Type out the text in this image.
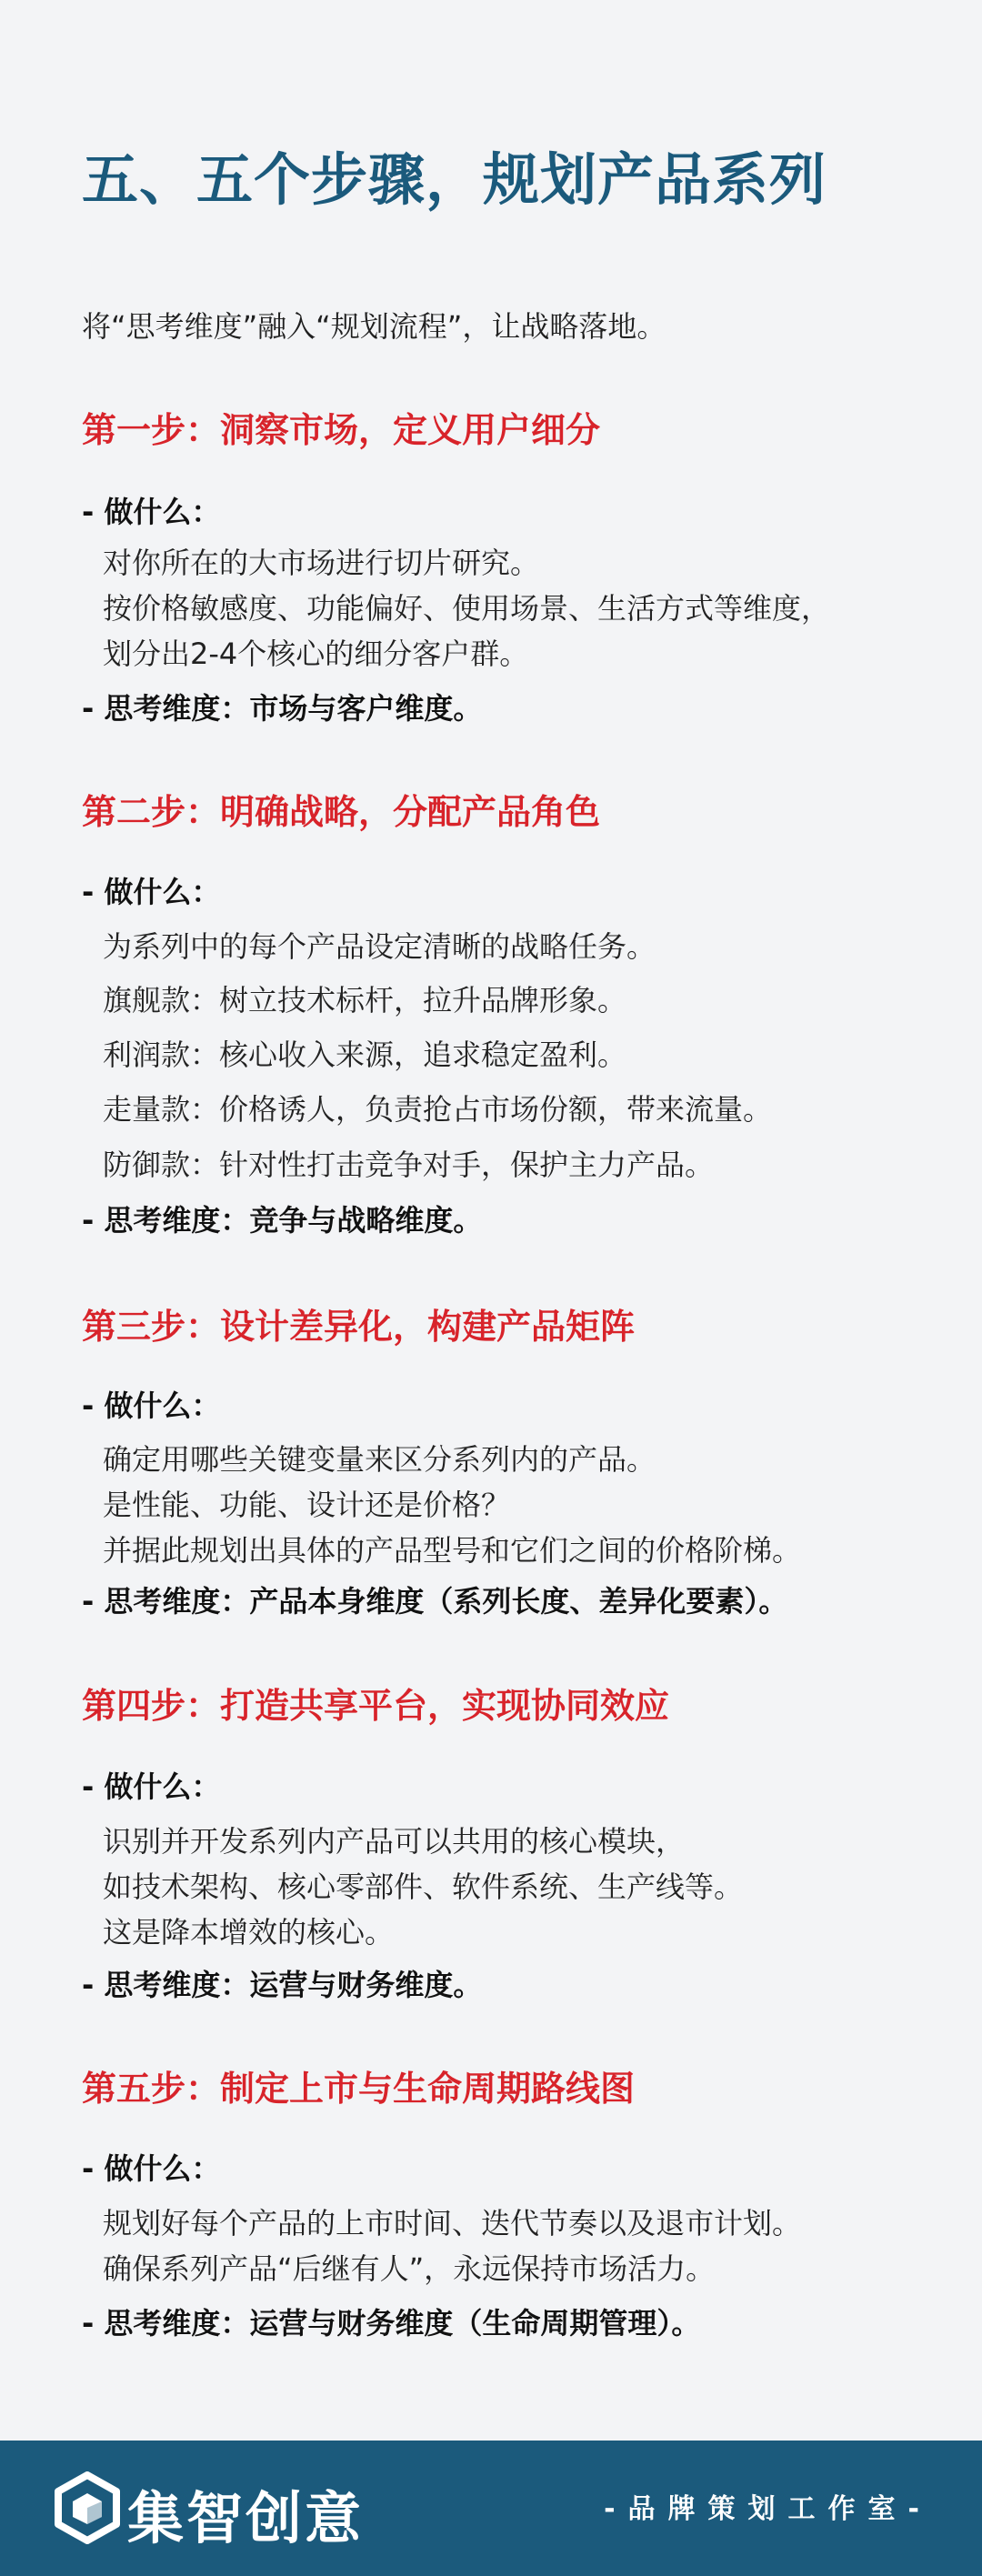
五、五个步骤，规划产品系列
将“思考维度”融入“规划流程”，让战略落地。
第一步：洞察市场，定义用户细分
- 做什么：
对你所在的大市场进行切片研究。
按价格敏感度、功能偏好、使用场景、生活方式等维度，
划分出2-4个核心的细分客户群。
- 思考维度：市场与客户维度。
第二步：明确战略，分配产品角色
- 做什么：
为系列中的每个产品设定清晰的战略任务。
旗舰款：树立技术标杆，拉升品牌形象。
利润款：核心收入来源，追求稳定盈利。
走量款：价格诱人，负责抢占市场份额，带来流量。
防御款：针对性打击竞争对手，保护主力产品。
- 思考维度：竞争与战略维度。
第三步：设计差异化，构建产品矩阵
- 做什么：
确定用哪些关键变量来区分系列内的产品。
是性能、功能、设计还是价格？
并据此规划出具体的产品型号和它们之间的价格阶梯。
- 思考维度：产品本身维度（系列长度、差异化要素）。
第四步：打造共享平台，实现协同效应
- 做什么：
识别并开发系列内产品可以共用的核心模块，
如技术架构、核心零部件、软件系统、生产线等。
这是降本增效的核心。
- 思考维度：运营与财务维度。
第五步：制定上市与生命周期路线图
- 做什么：
规划好每个产品的上市时间、迭代节奏以及退市计划。
确保系列产品“后继有人”，永远保持市场活力。
- 思考维度：运营与财务维度（生命周期管理）。
集智创意	-品牌策划工作室-
